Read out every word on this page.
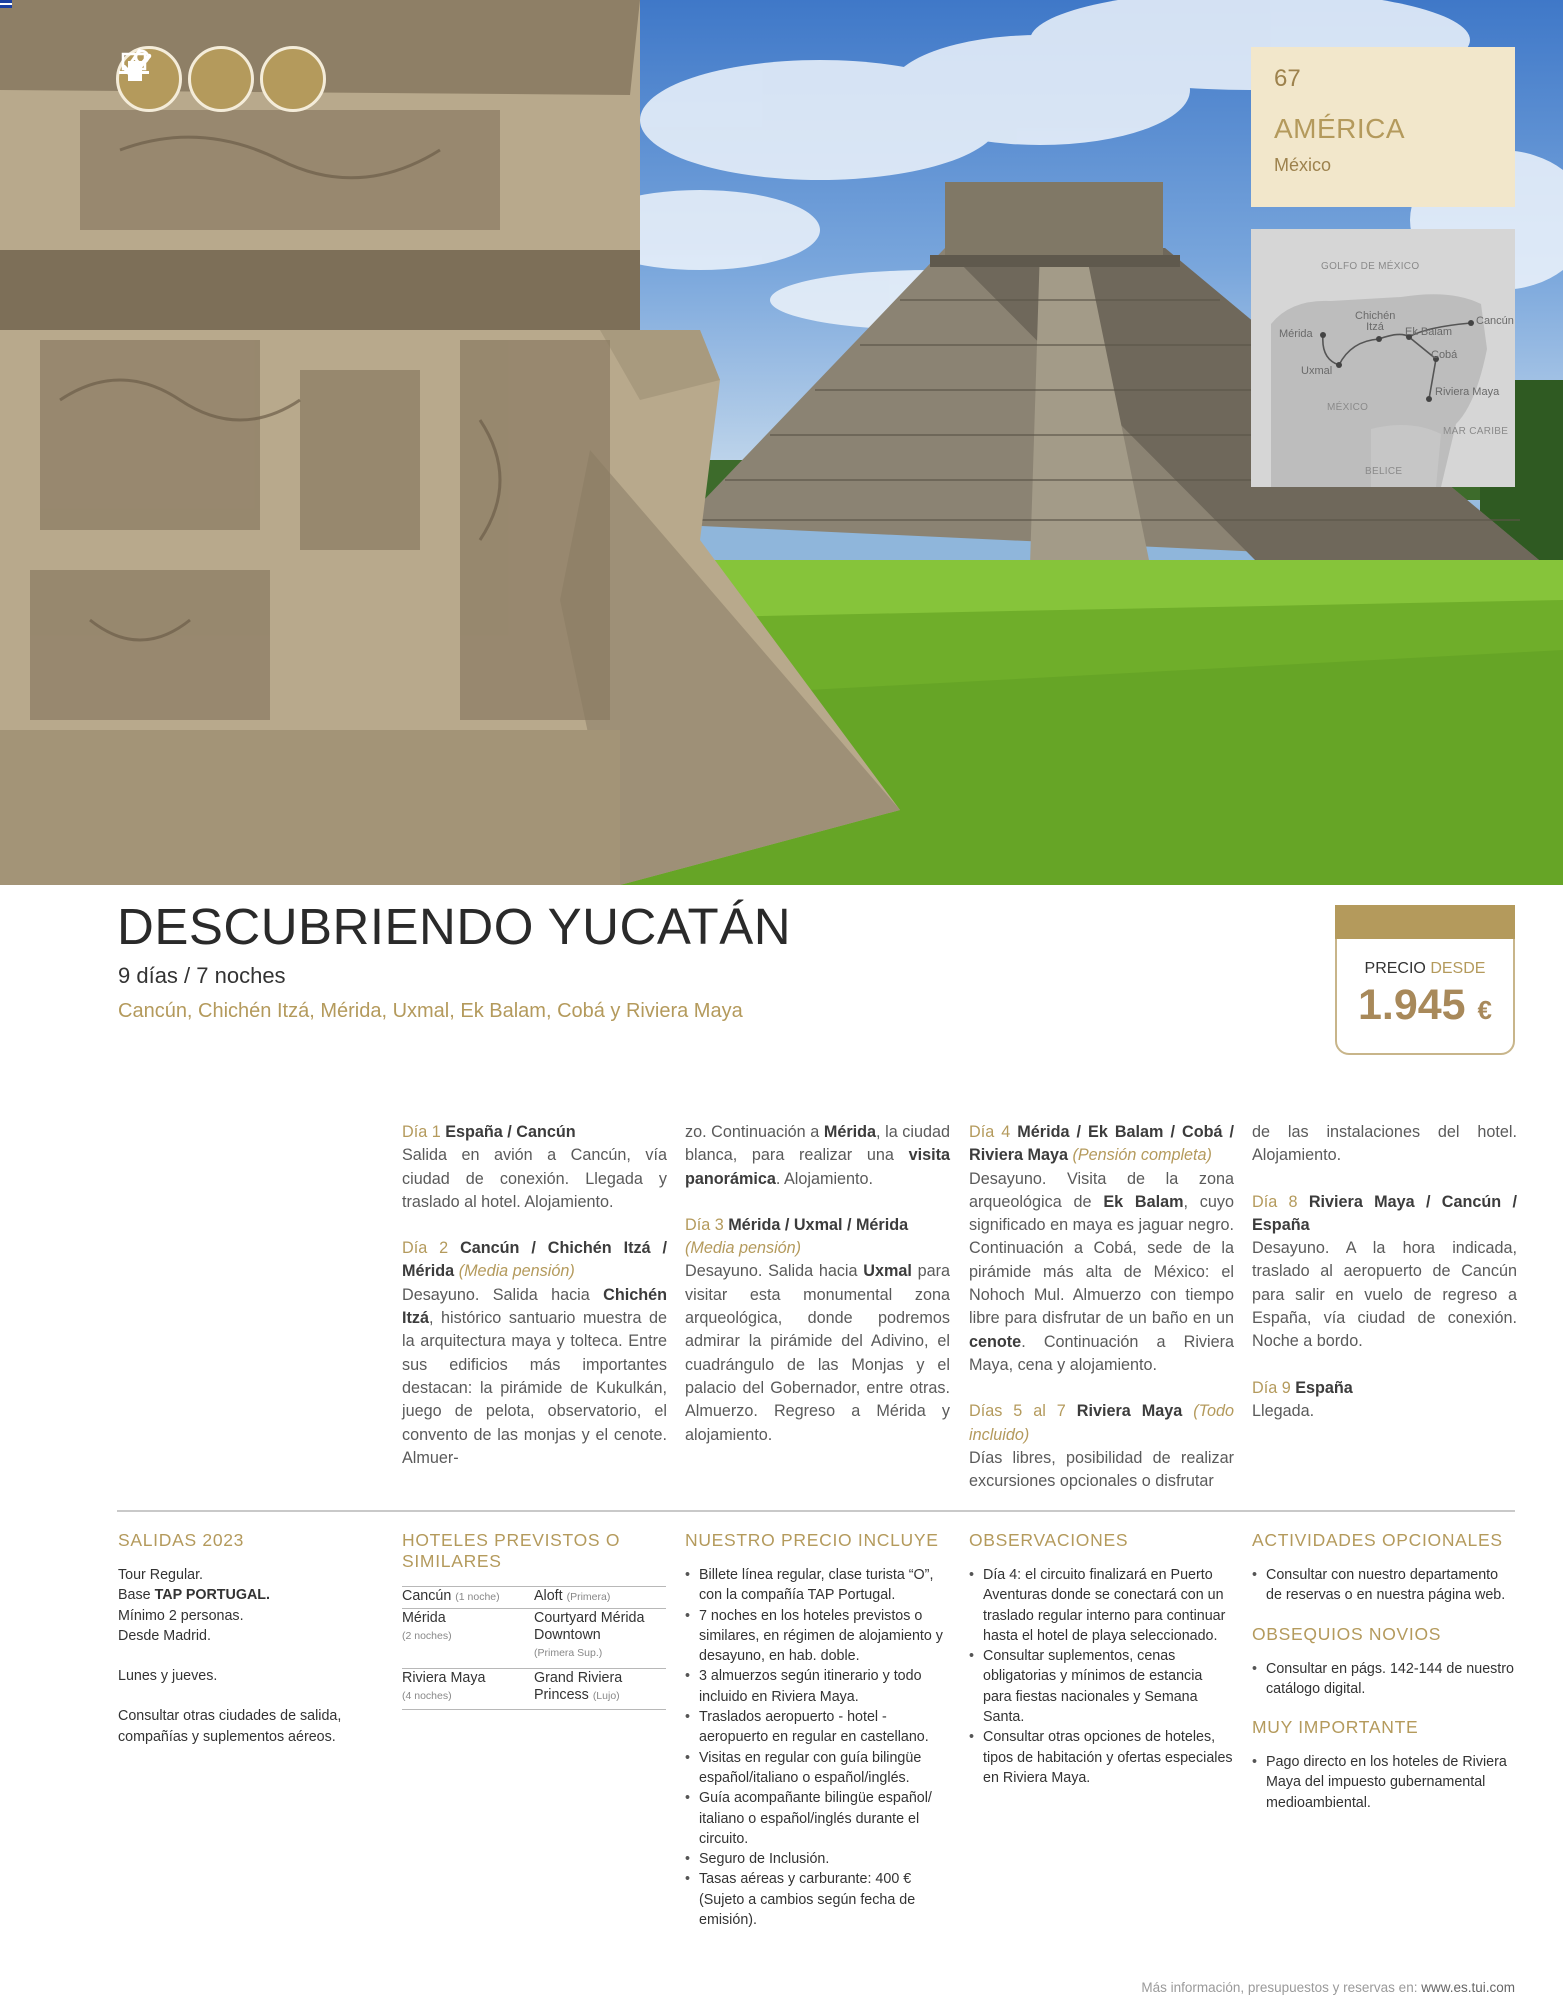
67
AMÉRICA
México
GOLFO DE MÉXICO
Mérida
Chichén Itzá	Ek Balam
Cancún
Uxmal
Cobá
Riviera Maya
MÉXICO
MAR CARIBE
BELICE
DESCUBRIENDO YUCATÁN
9 días / 7 noches
Cancún, Chichén Itzá, Mérida, Uxmal, Ek Balam, Cobá y Riviera Maya
PRECIO DESDE
1.945 €

Día 1 España / Cancún
Salida en avión a Cancún, vía ciudad de conexión. Llegada y traslado al hotel. Alojamiento.

Día 2 Cancún / Chichén Itzá / Mérida (Media pensión)
Desayuno. Salida hacia Chichén Itzá, histórico santuario muestra de la arquitectura maya y tolteca. Entre sus edificios más importantes destacan: la pirámide de Kukulkán, juego de pelota, observatorio, el convento de las monjas y el cenote. Almuer-

zo. Continuación a Mérida, la ciudad blanca, para realizar una visita panorámica. Alojamiento.

Día 3 Mérida / Uxmal / Mérida
(Media pensión)
Desayuno. Salida hacia Uxmal para visitar esta monumental zona arqueológica, donde podremos admirar la pirámide del Adivino, el cuadrángulo de las Monjas y el palacio del Gobernador, entre otras. Almuerzo. Regreso a Mérida y alojamiento.

Día 4 Mérida / Ek Balam / Cobá / Riviera Maya (Pensión completa)
Desayuno. Visita de la zona arqueológica de Ek Balam, cuyo significado en maya es jaguar negro. Continuación a Cobá, sede de la pirámide más alta de México: el Nohoch Mul. Almuerzo con tiempo libre para disfrutar de un baño en un cenote. Continuación a Riviera Maya, cena y alojamiento.

Días 5 al 7 Riviera Maya (Todo incluido)
Días libres, posibilidad de realizar excursiones opcionales o disfrutar

de las instalaciones del hotel. Alojamiento.

Día 8 Riviera Maya / Cancún / España
Desayuno. A la hora indicada, traslado al aeropuerto de Cancún para salir en vuelo de regreso a España, vía ciudad de conexión. Noche a bordo.

Día 9 España
Llegada.

SALIDAS 2023

Tour Regular.

Base TAP PORTUGAL.

Mínimo 2 personas.

Desde Madrid.

Lunes y jueves.

Consultar otras ciudades de salida, compañías y suplementos aéreos.

HOTELES PREVISTOS O SIMILARES
Cancún (1 noche)	Aloft (Primera)
Mérida
(2 noches)	Courtyard Mérida Downtown
(Primera Sup.)
Riviera Maya
(4 noches)	Grand Riviera Princess (Lujo)
NUESTRO PRECIO INCLUYE
• Billete línea regular, clase turista “O”, con la compañía TAP Portugal.
• 7 noches en los hoteles previstos o similares, en régimen de alojamiento y desayuno, en hab. doble.
• 3 almuerzos según itinerario y todo incluido en Riviera Maya.
• Traslados aeropuerto - hotel - aeropuerto en regular en castellano.
• Visitas en regular con guía bilingüe español/italiano o español/inglés.
• Guía acompañante bilingüe español/ italiano o español/inglés durante el circuito.
• Seguro de Inclusión.
• Tasas aéreas y carburante: 400 € (Sujeto a cambios según fecha de emisión).
OBSERVACIONES
• Día 4: el circuito finalizará en Puerto Aventuras donde se conectará con un traslado regular interno para continuar hasta el hotel de playa seleccionado.
• Consultar suplementos, cenas obligatorias y mínimos de estancia para fiestas nacionales y Semana Santa.
• Consultar otras opciones de hoteles, tipos de habitación y ofertas especiales en Riviera Maya.
ACTIVIDADES OPCIONALES
• Consultar con nuestro departamento de reservas o en nuestra página web.
OBSEQUIOS NOVIOS
• Consultar en págs. 142-144 de nuestro catálogo digital.
MUY IMPORTANTE
• Pago directo en los hoteles de Riviera Maya del impuesto gubernamental medioambiental.
Más información, presupuestos y reservas en: www.es.tui.com
